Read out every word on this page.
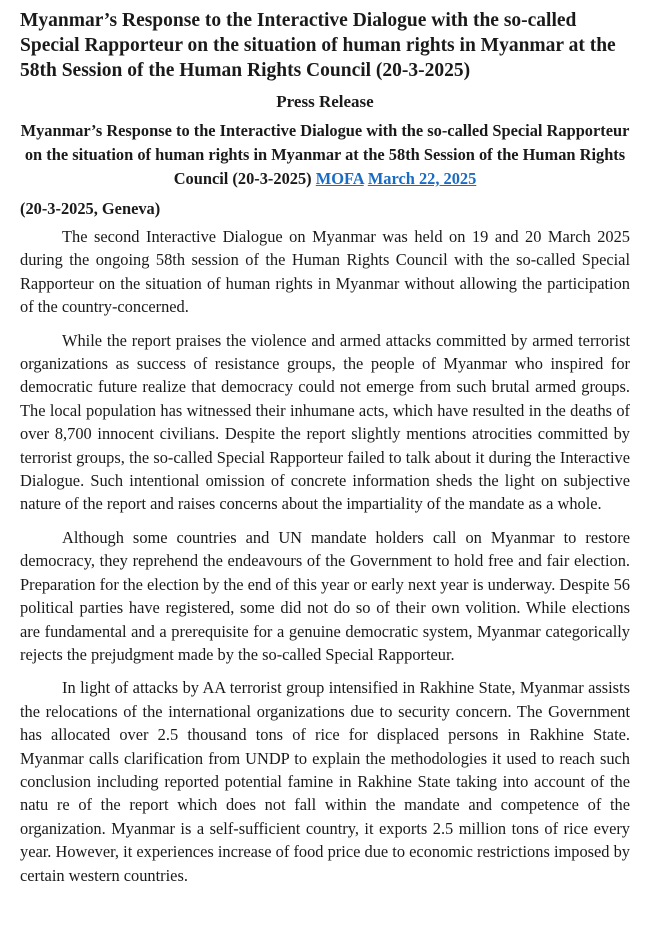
Myanmar’s Response to the Interactive Dialogue with the so-called Special Rapporteur on the situation of human rights in Myanmar at the 58th Session of the Human Rights Council (20-3-2025)
Press Release
Myanmar’s Response to the Interactive Dialogue with the so-called Special Rapporteur on the situation of human rights in Myanmar at the 58th Session of the Human Rights Council (20-3-2025) MOFA March 22, 2025
(20-3-2025, Geneva)

The second Interactive Dialogue on Myanmar was held on 19 and 20 March 2025 during the ongoing 58th session of the Human Rights Council with the so-called Special Rapporteur on the situation of human rights in Myanmar without allowing the participation of the country-concerned.

While the report praises the violence and armed attacks committed by armed terrorist organizations as success of resistance groups, the people of Myanmar who inspired for democratic future realize that democracy could not emerge from such brutal armed groups. The local population has witnessed their inhumane acts, which have resulted in the deaths of over 8,700 innocent civilians. Despite the report slightly mentions atrocities committed by terrorist groups, the so-called Special Rapporteur failed to talk about it during the Interactive Dialogue. Such intentional omission of concrete information sheds the light on subjective nature of the report and raises concerns about the impartiality of the mandate as a whole.

Although some countries and UN mandate holders call on Myanmar to restore democracy, they reprehend the endeavours of the Government to hold free and fair election. Preparation for the election by the end of this year or early next year is underway. Despite 56 political parties have registered, some did not do so of their own volition. While elections are fundamental and a prerequisite for a genuine democratic system, Myanmar categorically rejects the prejudgment made by the so-called Special Rapporteur.

In light of attacks by AA terrorist group intensified in Rakhine State, Myanmar assists the relocations of the international organizations due to security concern. The Government has allocated over 2.5 thousand tons of rice for displaced persons in Rakhine State. Myanmar calls clarification from UNDP to explain the methodologies it used to reach such conclusion including reported potential famine in Rakhine State taking into account of the natu re of the report which does not fall within the mandate and competence of the organization. Myanmar is a self-sufficient country, it exports 2.5 million tons of rice every year. However, it experiences increase of food price due to economic restrictions imposed by certain western countries.
